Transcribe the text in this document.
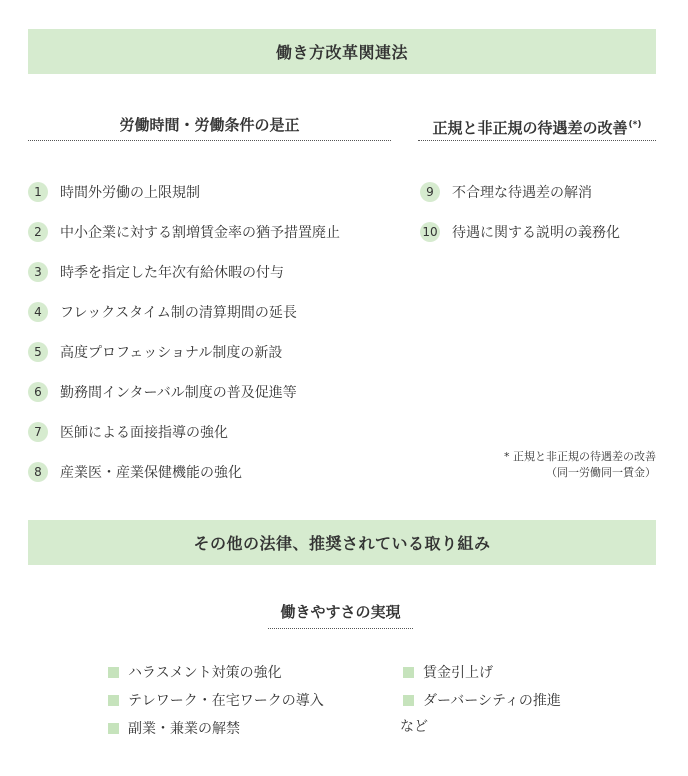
働き方改革関連法
労働時間・労働条件の是正	正規と非正規の待遇差の改善(*)
1	時間外労働の上限規制
2	中小企業に対する割増賃金率の猶予措置廃止
3	時季を指定した年次有給休暇の付与
4	フレックスタイム制の清算期間の延長
5	高度プロフェッショナル制度の新設
6	勤務間インターバル制度の普及促進等
7	医師による面接指導の強化
8	産業医・産業保健機能の強化
9	不合理な待遇差の解消
10 待遇に関する説明の義務化
* 正規と非正規の待遇差の改善
（同一労働同一賃金）
その他の法律、推奨されている取り組み
働きやすさの実現
ハラスメント対策の強化
テレワーク・在宅ワークの導入
副業・兼業の解禁
賃金引上げ
ダーバーシティの推進
など
